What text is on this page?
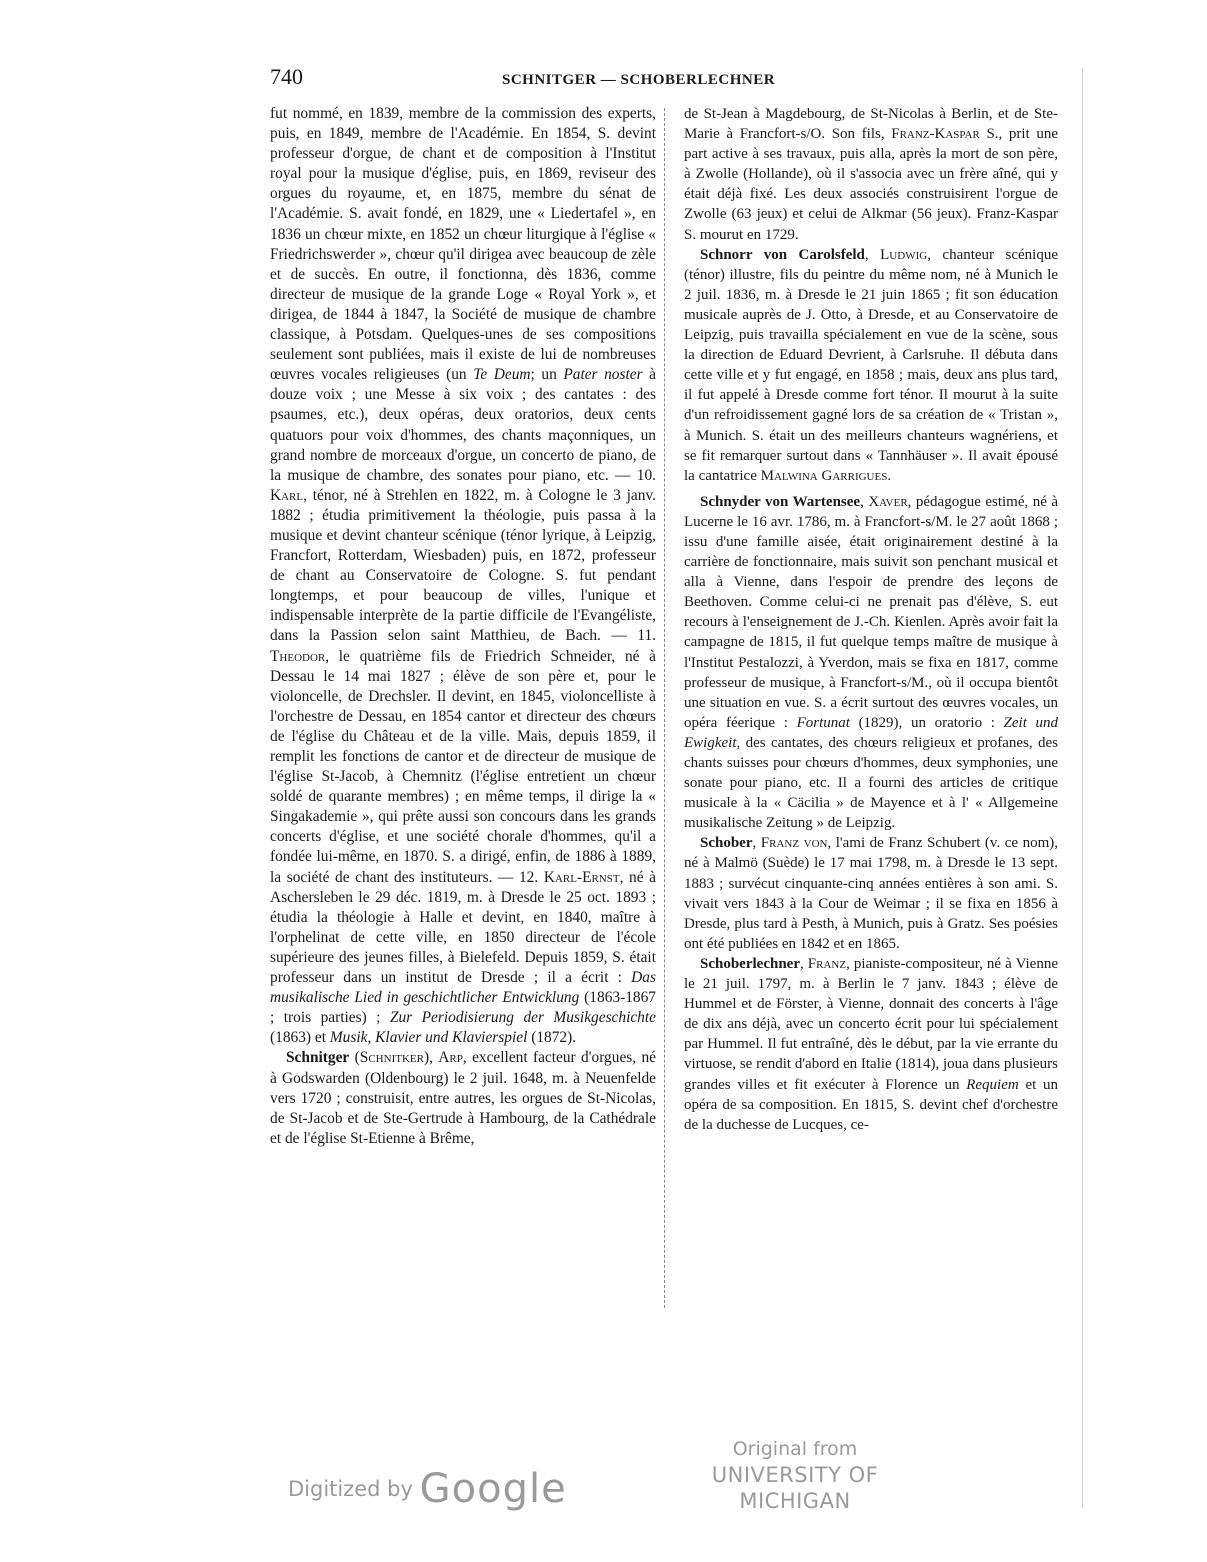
740	SCHNITGER — SCHOBERLECHNER

fut nommé, en 1839, membre de la commission des experts, puis, en 1849, membre de l'Académie. En 1854, S. devint professeur d'orgue, de chant et de composition à l'Institut royal pour la musique d'église, puis, en 1869, reviseur des orgues du royaume, et, en 1875, membre du sénat de l'Académie. S. avait fondé, en 1829, une « Liedertafel », en 1836 un chœur mixte, en 1852 un chœur liturgique à l'église « Friedrichswerder », chœur qu'il dirigea avec beaucoup de zèle et de succès. En outre, il fonctionna, dès 1836, comme directeur de musique de la grande Loge « Royal York », et dirigea, de 1844 à 1847, la Société de musique de chambre classique, à Potsdam. Quelques-unes de ses compositions seulement sont publiées, mais il existe de lui de nombreuses œuvres vocales religieuses (un Te Deum; un Pater noster à douze voix ; une Messe à six voix ; des cantates : des psaumes, etc.), deux opéras, deux oratorios, deux cents quatuors pour voix d'hommes, des chants maçonniques, un grand nombre de morceaux d'orgue, un concerto de piano, de la musique de chambre, des sonates pour piano, etc. — 10. Karl, ténor, né à Strehlen en 1822, m. à Cologne le 3 janv. 1882 ; étudia primitivement la théologie, puis passa à la musique et devint chanteur scénique (ténor lyrique, à Leipzig, Francfort, Rotterdam, Wiesbaden) puis, en 1872, professeur de chant au Conservatoire de Cologne. S. fut pendant longtemps, et pour beaucoup de villes, l'unique et indispensable interprète de la partie difficile de l'Evangéliste, dans la Passion selon saint Matthieu, de Bach. — 11. Theodor, le quatrième fils de Friedrich Schneider, né à Dessau le 14 mai 1827 ; élève de son père et, pour le violoncelle, de Drechsler. Il devint, en 1845, violoncelliste à l'orchestre de Dessau, en 1854 cantor et directeur des chœurs de l'église du Château et de la ville. Mais, depuis 1859, il remplit les fonctions de cantor et de directeur de musique de l'église St-Jacob, à Chemnitz (l'église entretient un chœur soldé de quarante membres) ; en même temps, il dirige la « Singakademie », qui prête aussi son concours dans les grands concerts d'église, et une société chorale d'hommes, qu'il a fondée lui-même, en 1870. S. a dirigé, enfin, de 1886 à 1889, la société de chant des instituteurs. — 12. Karl-Ernst, né à Aschersleben le 29 déc. 1819, m. à Dresde le 25 oct. 1893 ; étudia la théologie à Halle et devint, en 1840, maître à l'orphelinat de cette ville, en 1850 directeur de l'école supérieure des jeunes filles, à Bielefeld. Depuis 1859, S. était professeur dans un institut de Dresde ; il a écrit : Das musikalische Lied in geschichtlicher Entwicklung (1863-1867 ; trois parties) ; Zur Periodisierung der Musikgeschichte (1863) et Musik, Klavier und Klavierspiel (1872).

Schnitger (Schnitker), Arp, excellent facteur d'orgues, né à Godswarden (Oldenbourg) le 2 juil. 1648, m. à Neuenfelde vers 1720 ; construisit, entre autres, les orgues de St-Nicolas, de St-Jacob et de Ste-Gertrude à Hambourg, de la Cathédrale et de l'église St-Etienne à Brême,

de St-Jean à Magdebourg, de St-Nicolas à Berlin, et de Ste-Marie à Francfort-s/O. Son fils, Franz-Kaspar S., prit une part active à ses travaux, puis alla, après la mort de son père, à Zwolle (Hollande), où il s'associa avec un frère aîné, qui y était déjà fixé. Les deux associés construisirent l'orgue de Zwolle (63 jeux) et celui de Alkmar (56 jeux). Franz-Kaspar S. mourut en 1729.

Schnorr von Carolsfeld, Ludwig, chanteur scénique (ténor) illustre, fils du peintre du même nom, né à Munich le 2 juil. 1836, m. à Dresde le 21 juin 1865 ; fit son éducation musicale auprès de J. Otto, à Dresde, et au Conservatoire de Leipzig, puis travailla spécialement en vue de la scène, sous la direction de Eduard Devrient, à Carlsruhe. Il débuta dans cette ville et y fut engagé, en 1858 ; mais, deux ans plus tard, il fut appelé à Dresde comme fort ténor. Il mourut à la suite d'un refroidissement gagné lors de sa création de « Tristan », à Munich. S. était un des meilleurs chanteurs wagnériens, et se fit remarquer surtout dans « Tannhäuser ». Il avait épousé la cantatrice Malwina Garrigues.

Schnyder von Wartensee, Xaver, pédagogue estimé, né à Lucerne le 16 avr. 1786, m. à Francfort-s/M. le 27 août 1868 ; issu d'une famille aisée, était originairement destiné à la carrière de fonctionnaire, mais suivit son penchant musical et alla à Vienne, dans l'espoir de prendre des leçons de Beethoven. Comme celui-ci ne prenait pas d'élève, S. eut recours à l'enseignement de J.-Ch. Kienlen. Après avoir fait la campagne de 1815, il fut quelque temps maître de musique à l'Institut Pestalozzi, à Yverdon, mais se fixa en 1817, comme professeur de musique, à Francfort-s/M., où il occupa bientôt une situation en vue. S. a écrit surtout des œuvres vocales, un opéra féerique : Fortunat (1829), un oratorio : Zeit und Ewigkeit, des cantates, des chœurs religieux et profanes, des chants suisses pour chœurs d'hommes, deux symphonies, une sonate pour piano, etc. Il a fourni des articles de critique musicale à la « Cäcilia » de Mayence et à l' « Allgemeine musikalische Zeitung » de Leipzig.

Schober, Franz von, l'ami de Franz Schubert (v. ce nom), né à Malmö (Suède) le 17 mai 1798, m. à Dresde le 13 sept. 1883 ; survécut cinquante-cinq années entières à son ami. S. vivait vers 1843 à la Cour de Weimar ; il se fixa en 1856 à Dresde, plus tard à Pesth, à Munich, puis à Gratz. Ses poésies ont été publiées en 1842 et en 1865.

Schoberlechner, Franz, pianiste-compositeur, né à Vienne le 21 juil. 1797, m. à Berlin le 7 janv. 1843 ; élève de Hummel et de Förster, à Vienne, donnait des concerts à l'âge de dix ans déjà, avec un concerto écrit pour lui spécialement par Hummel. Il fut entraîné, dès le début, par la vie errante du virtuose, se rendit d'abord en Italie (1814), joua dans plusieurs grandes villes et fit exécuter à Florence un Requiem et un opéra de sa composition. En 1815, S. devint chef d'orchestre de la duchesse de Lucques, ce-

Digitized by Google
Original from
UNIVERSITY OF MICHIGAN
